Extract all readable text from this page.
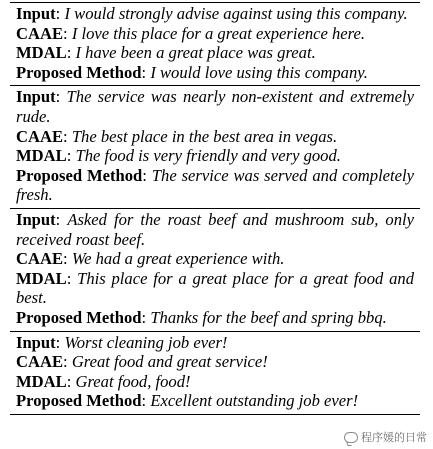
Input: I would strongly advise against using this company.
CAAE: I love this place for a great experience here.
MDAL: I have been a great place was great.
Proposed Method: I would love using this company.
Input: The service was nearly non-existent and extremely rude.
CAAE: The best place in the best area in vegas.
MDAL: The food is very friendly and very good.
Proposed Method: The service was served and completely fresh.
Input: Asked for the roast beef and mushroom sub, only received roast beef.
CAAE: We had a great experience with.
MDAL: This place for a great place for a great food and best.
Proposed Method: Thanks for the beef and spring bbq.
Input: Worst cleaning job ever!
CAAE: Great food and great service!
MDAL: Great food, food!
Proposed Method: Excellent outstanding job ever!
程序媛的日常
